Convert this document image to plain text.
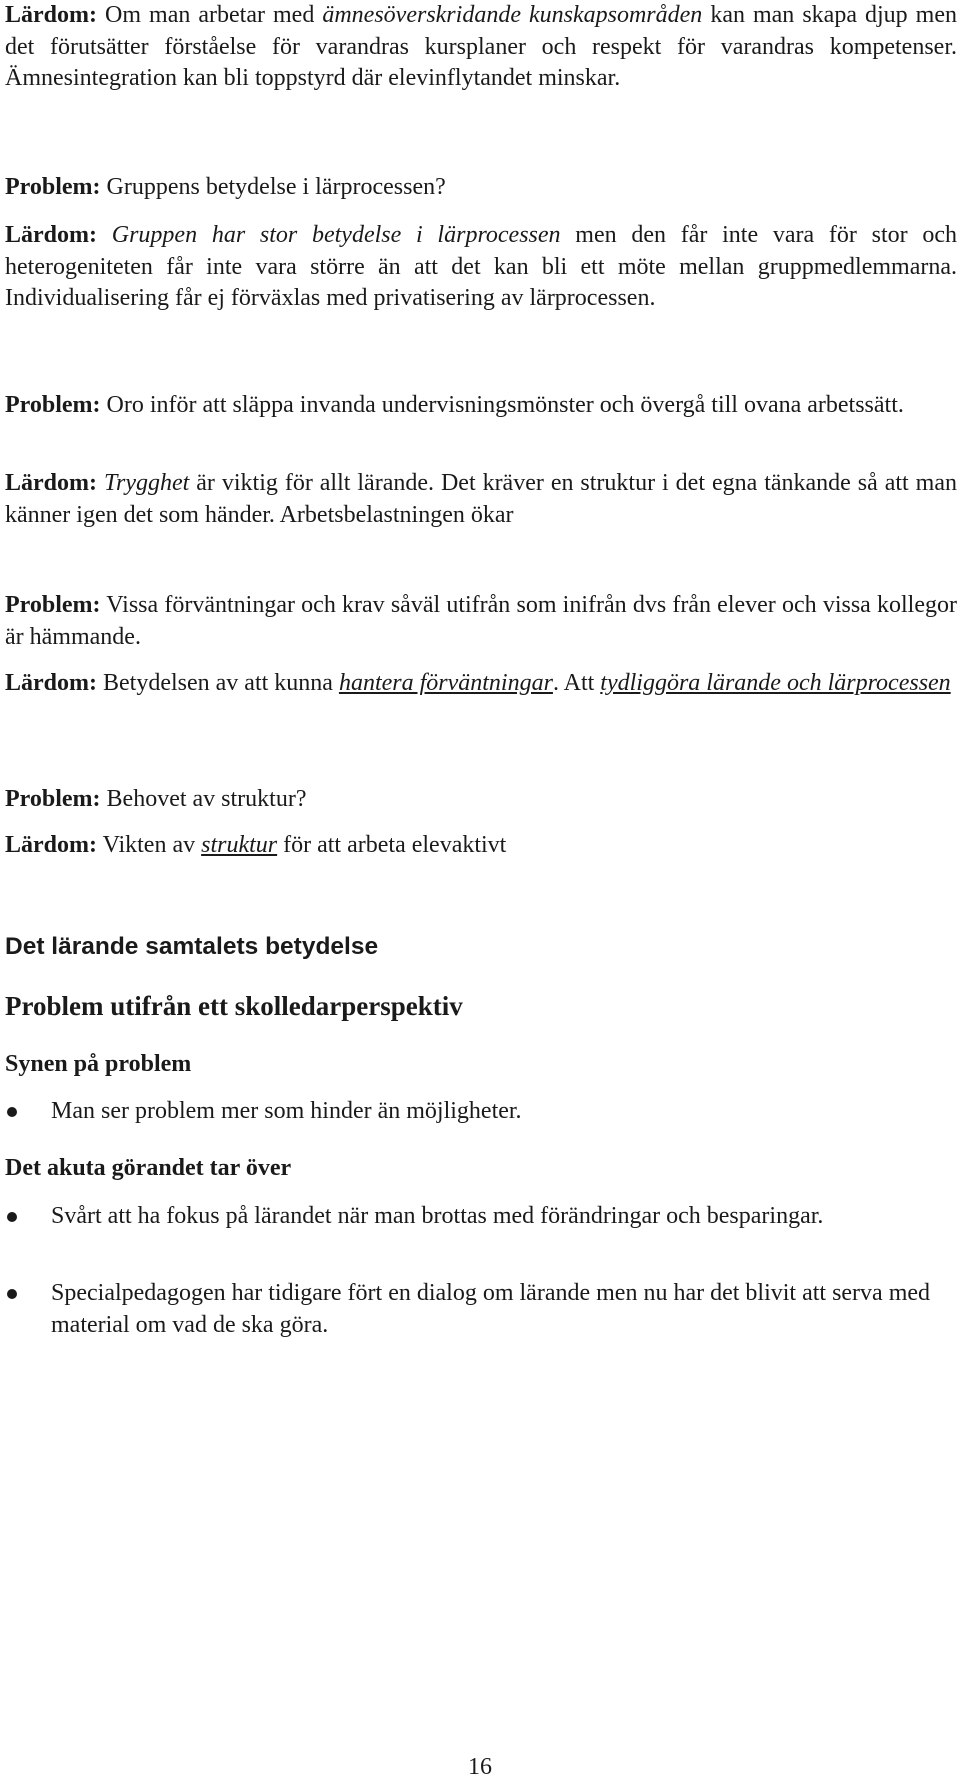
Lärdom: Om man arbetar med ämnesöverskridande kunskapsområden kan man skapa djup men det förutsätter förståelse för varandras kursplaner och respekt för varandras kompetenser. Ämnesintegration kan bli toppstyrd där elevinflytandet minskar.

Problem: Gruppens betydelse i lärprocessen?

Lärdom: Gruppen har stor betydelse i lärprocessen men den får inte vara för stor och heterogeniteten får inte vara större än att det kan bli ett möte mellan gruppmedlemmarna. Individualisering får ej förväxlas med privatisering av lärprocessen.

Problem: Oro inför att släppa invanda undervisningsmönster och övergå till ovana arbetssätt.

Lärdom: Trygghet är viktig för allt lärande. Det kräver en struktur i det egna tänkande så att man känner igen det som händer. Arbetsbelastningen ökar

Problem: Vissa förväntningar och krav såväl utifrån som inifrån dvs från elever och vissa kollegor är hämmande.

Lärdom: Betydelsen av att kunna hantera förväntningar. Att tydliggöra lärande och lärprocessen

Problem: Behovet av struktur?

Lärdom: Vikten av struktur för att arbeta elevaktivt

Det lärande samtalets betydelse
Problem utifrån ett skolledarperspektiv
Synen på problem
Man ser problem mer som hinder än möjligheter.
Det akuta görandet tar över
Svårt att ha fokus på lärandet när man brottas med förändringar och besparingar.
Specialpedagogen har tidigare fört en dialog om lärande men nu har det blivit att serva med material om vad de ska göra.
16
